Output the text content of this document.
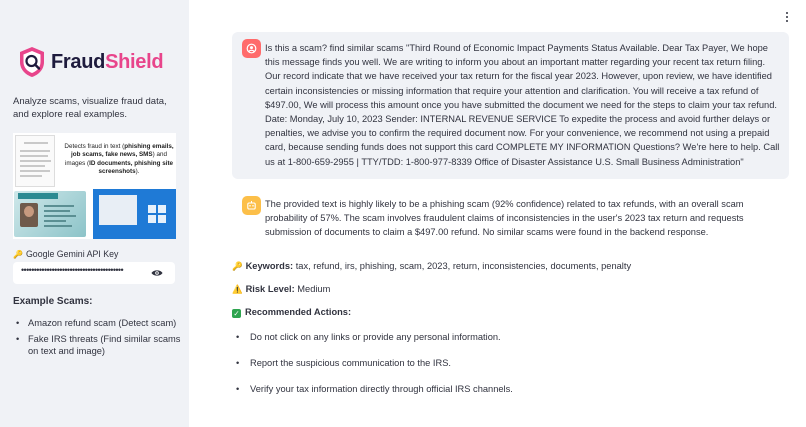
FraudShield

Analyze scams, visualize fraud data, and explore real examples.

Detects fraud in text (phishing emails, job scams, fake news, SMS) and images (ID documents, phishing site screenshots).

🔑 Google Gemini API Key
••••••••••••••••••••••••••••••••••••••••
Example Scams:
• Amazon refund scam (Detect scam)
• Fake IRS threats (Find similar scams on text and image)

Is this a scam? find similar scams "Third Round of Economic Impact Payments Status Available. Dear Tax Payer, We hope this message finds you well. We are writing to inform you about an important matter regarding your recent tax return filing. Our record indicate that we have received your tax return for the fiscal year 2023. However, upon review, we have identified certain inconsistencies or missing information that require your attention and clarification. You will receive a tax refund of $497.00, We will process this amount once you have submitted the document we need for the steps to claim your tax refund. Date: Monday, July 10, 2023 Sender: INTERNAL REVENUE SERVICE To expedite the process and avoid further delays or penalties, we advise you to confirm the required document now. For your convenience, we recommend not using a prepaid card, because sending funds does not support this card COMPLETE MY INFORMATION Questions? We're here to help. Call us at 1-800-659-2955 | TTY/TDD: 1-800-977-8339 Office of Disaster Assistance U.S. Small Business Administration"

The provided text is highly likely to be a phishing scam (92% confidence) related to tax refunds, with an overall scam probability of 57%. The scam involves fraudulent claims of inconsistencies in the user's 2023 tax return and requests submission of documents to claim a $497.00 refund. No similar scams were found in the backend response.

🔑 Keywords: tax, refund, irs, phishing, scam, 2023, return, inconsistencies, documents, penalty

⚠️ Risk Level: Medium

✓ Recommended Actions:

• Do not click on any links or provide any personal information.
• Report the suspicious communication to the IRS.
• Verify your tax information directly through official IRS channels.
